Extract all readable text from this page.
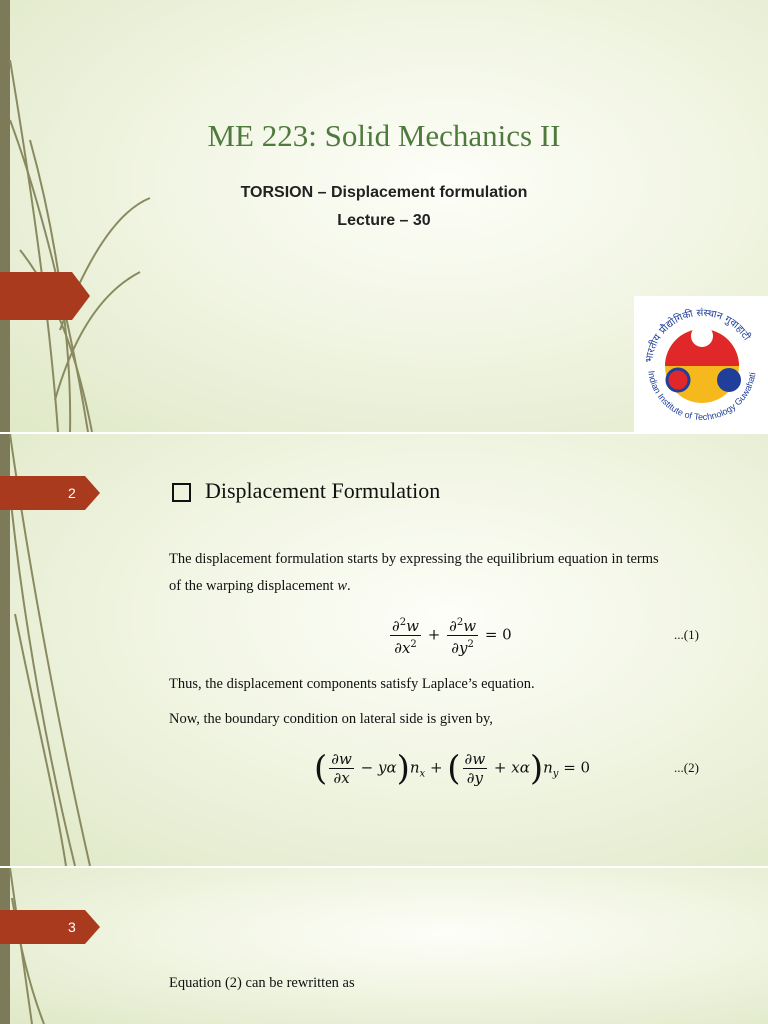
ME 223: Solid Mechanics II
TORSION – Displacement formulation
Lecture – 30
भारतीय प्रौद्योगिकी संस्थान गुवाहाटी
Indian Institute of Technology Guwahati
2	Displacement Formulation
The displacement formulation starts by expressing the equilibrium equation in terms
of the warping displacement w.
$\frac{\partial^2w}{\partial x^2} + \frac{\partial^2w}{\partial y^2} = 0$	...(1)
Thus, the displacement components satisfy Laplace’s equation.
Now, the boundary condition on lateral side is given by,
( $\frac{\partial w}{\partial x} - y\alpha)n_x$ + ( $\frac{\partial w}{\partial y} + x\alpha)n_y = 0$	...(2)
3
Equation (2) can be rewritten as
